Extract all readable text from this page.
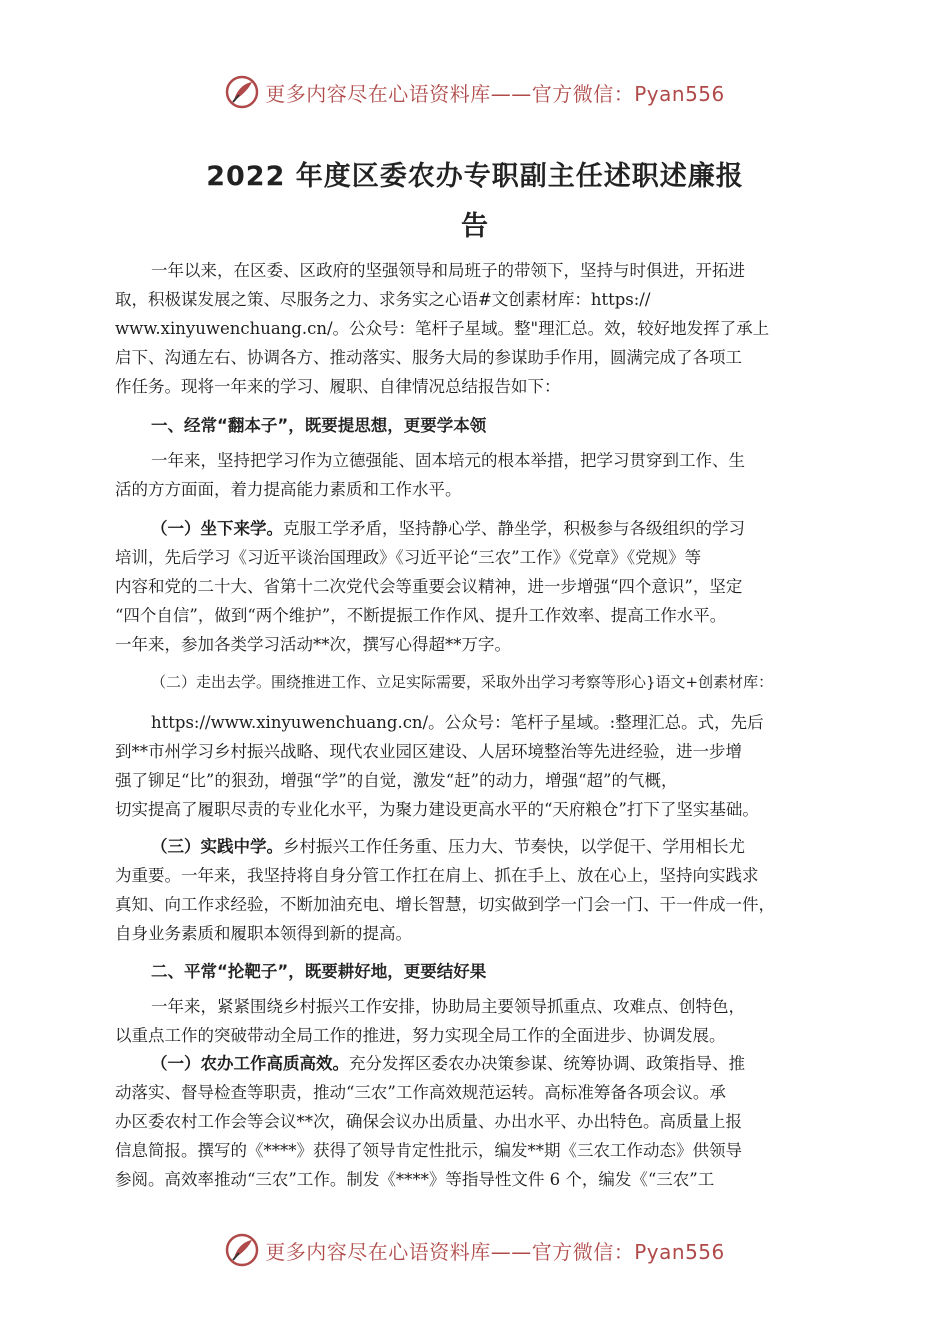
更多内容尽在心语资料库——官方微信：Pyan556
2022 年度区委农办专职副主任述职述廉报
告
一年以来，在区委、区政府的坚强领导和局班子的带领下，坚持与时俱进，开拓进
取，积极谋发展之策、尽服务之力、求务实之心语#文创素材库：https://
www.xinyuwenchuang.cn/。公众号：笔杆子星域。整"理汇总。效，较好地发挥了承上
启下、沟通左右、协调各方、推动落实、服务大局的参谋助手作用，圆满完成了各项工
作任务。现将一年来的学习、履职、自律情况总结报告如下：
一、经常“翻本子”，既要提思想，更要学本领
一年来，坚持把学习作为立德强能、固本培元的根本举措，把学习贯穿到工作、生
活的方方面面，着力提高能力素质和工作水平。
（一）坐下来学。克服工学矛盾，坚持静心学、静坐学，积极参与各级组织的学习
培训，先后学习《习近平谈治国理政》《习近平论“三农”工作》《党章》《党规》等
内容和党的二十大、省第十二次党代会等重要会议精神，进一步增强“四个意识”，坚定
“四个自信”，做到“两个维护”，不断提振工作作风、提升工作效率、提高工作水平。
一年来，参加各类学习活动**次，撰写心得超**万字。
（二）走出去学。围绕推进工作、立足实际需要，采取外出学习考察等形心}语文+创素材库：
https://www.xinyuwenchuang.cn/。公众号：笔杆子星域。:整理汇总。式，先后
到**市州学习乡村振兴战略、现代农业园区建设、人居环境整治等先进经验，进一步增
强了铆足“比”的狠劲，增强“学”的自觉，激发“赶”的动力，增强“超”的气概，
切实提高了履职尽责的专业化水平，为聚力建设更高水平的“天府粮仓”打下了坚实基础。
（三）实践中学。乡村振兴工作任务重、压力大、节奏快，以学促干、学用相长尤
为重要。一年来，我坚持将自身分管工作扛在肩上、抓在手上、放在心上，坚持向实践求
真知、向工作求经验，不断加油充电、增长智慧，切实做到学一门会一门、干一件成一件，
自身业务素质和履职本领得到新的提高。
二、平常“抡靶子”，既要耕好地，更要结好果
一年来，紧紧围绕乡村振兴工作安排，协助局主要领导抓重点、攻难点、创特色，
以重点工作的突破带动全局工作的推进，努力实现全局工作的全面进步、协调发展。
（一）农办工作高质高效。充分发挥区委农办决策参谋、统筹协调、政策指导、推
动落实、督导检查等职责，推动“三农”工作高效规范运转。高标准筹备各项会议。承
办区委农村工作会等会议**次，确保会议办出质量、办出水平、办出特色。高质量上报
信息简报。撰写的《****》获得了领导肯定性批示，编发**期《三农工作动态》供领导
参阅。高效率推动“三农”工作。制发《****》等指导性文件 6 个，编发《“三农”工
更多内容尽在心语资料库——官方微信：Pyan556
